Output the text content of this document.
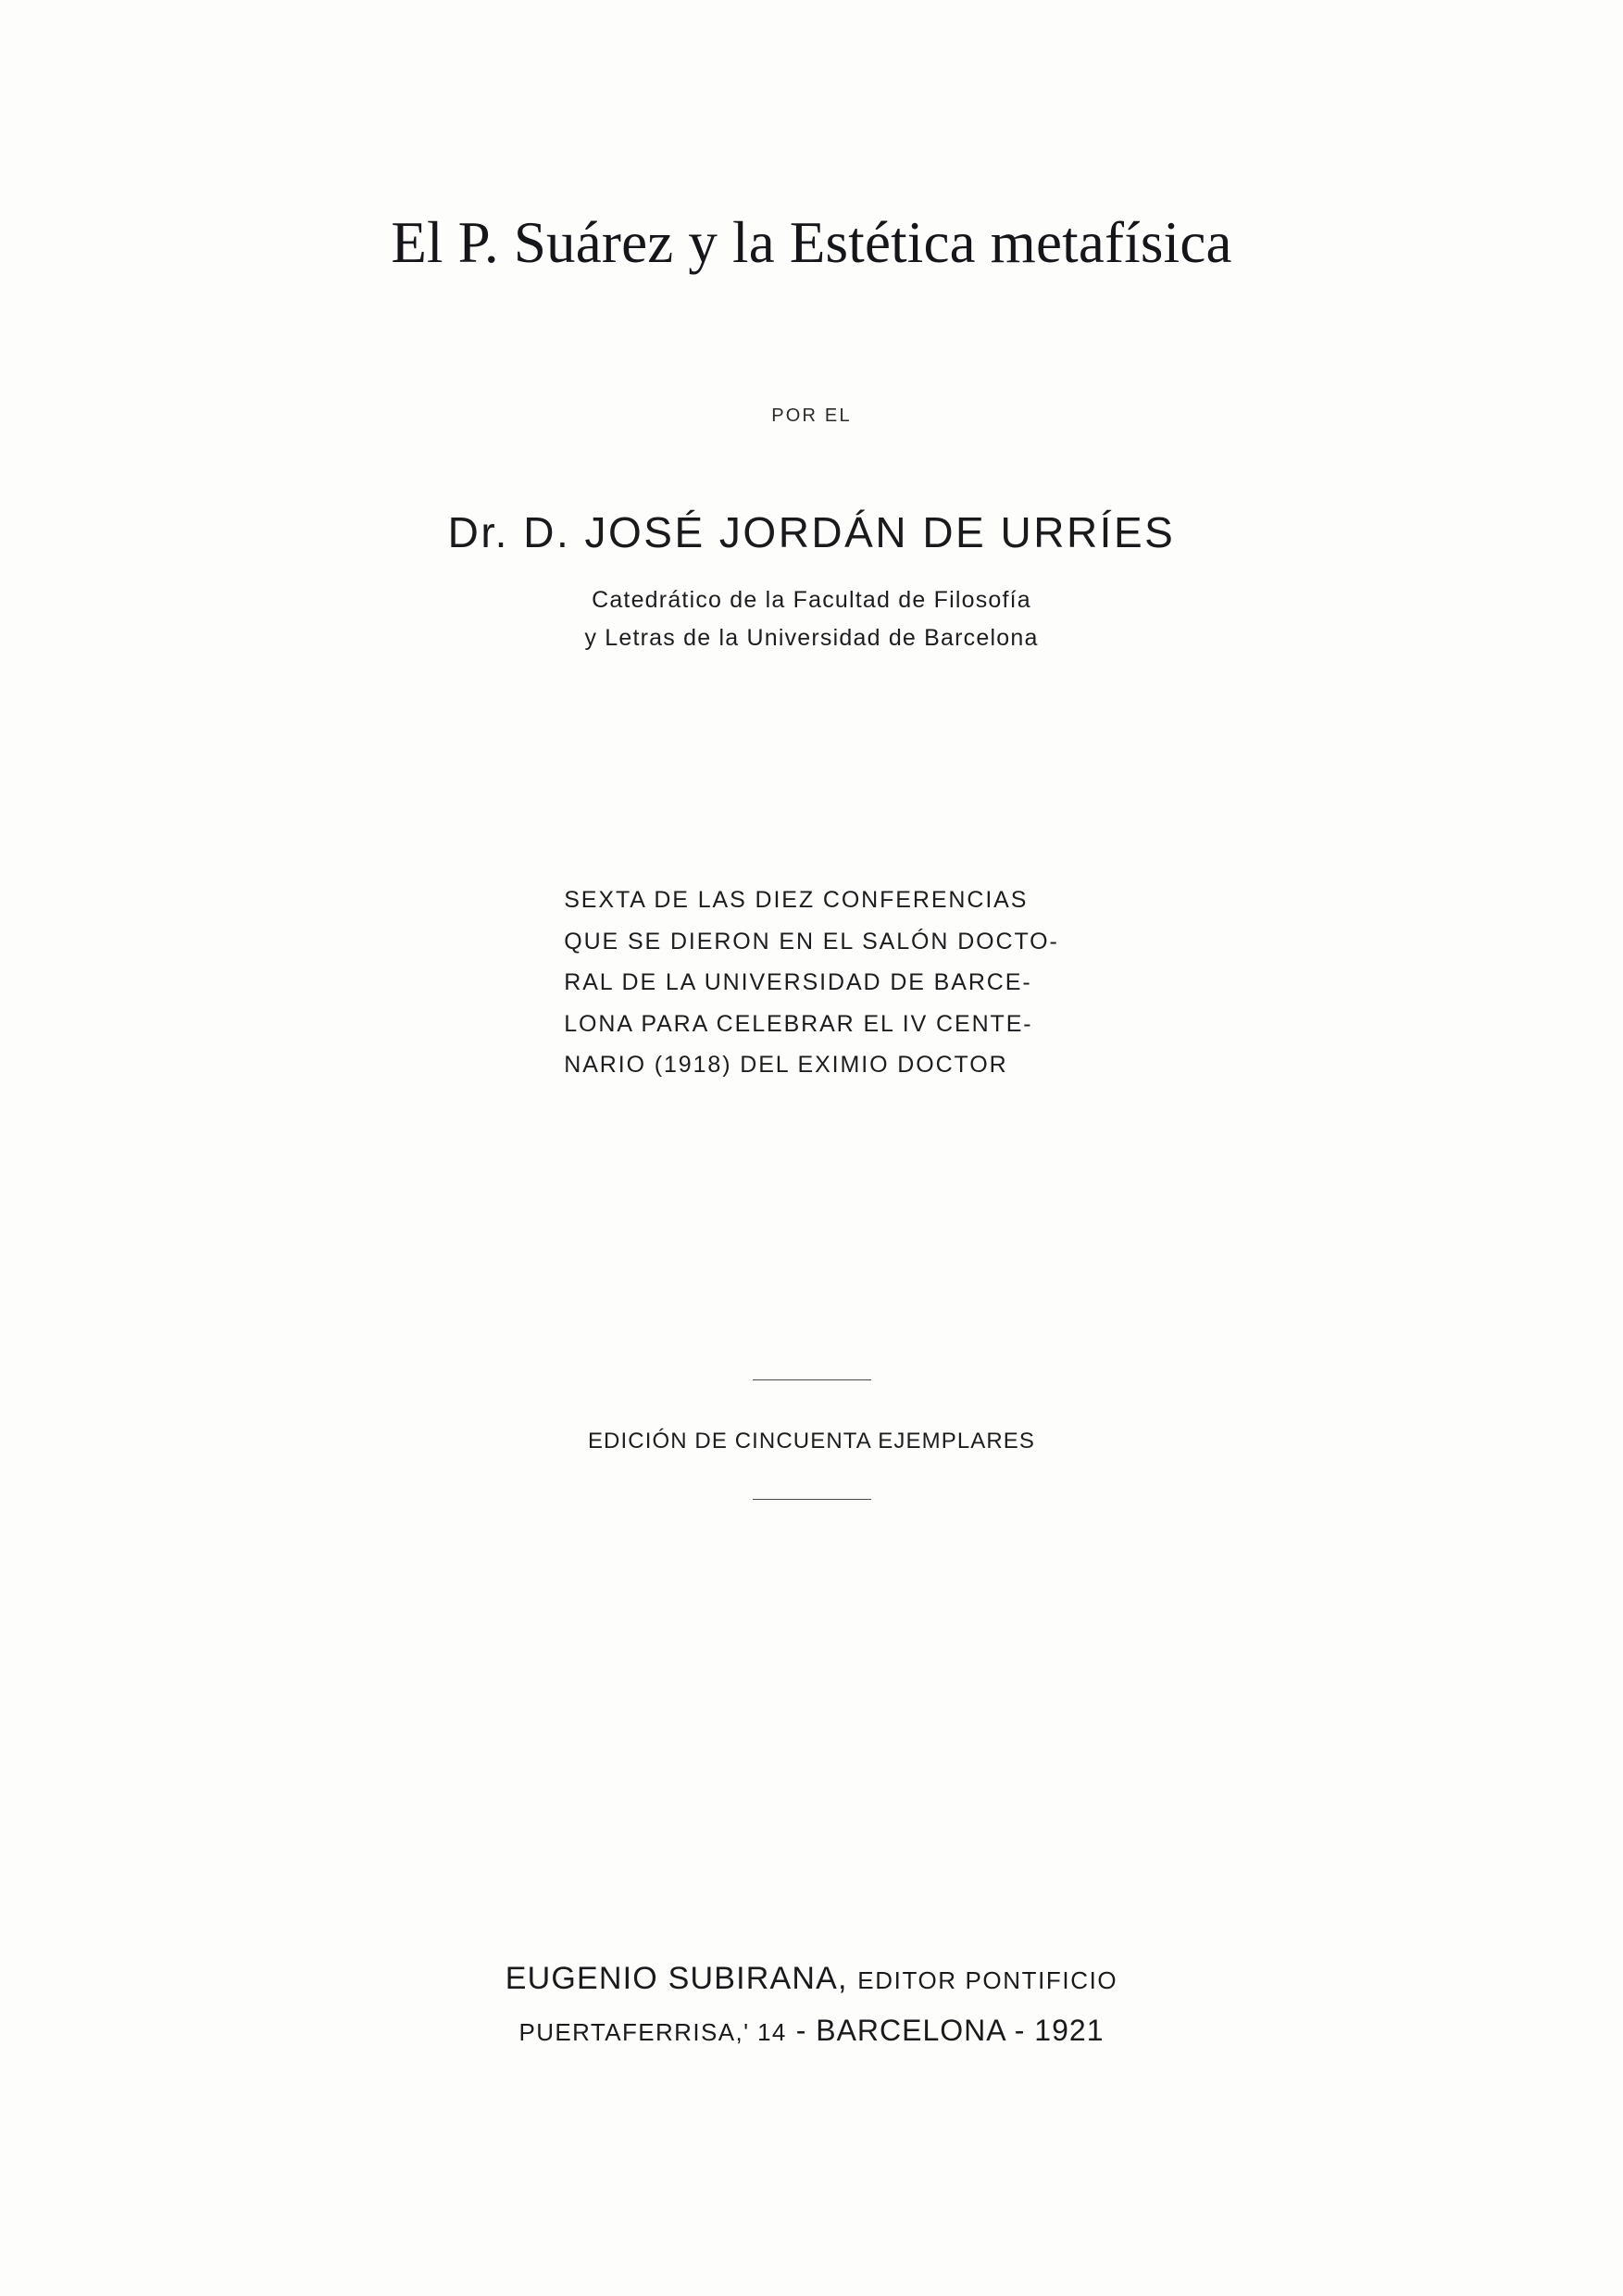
El P. Suárez y la Estética metafísica
POR EL
Dr. D. JOSÉ JORDÁN DE URRÍES
Catedrático de la Facultad de Filosofía
y Letras de la Universidad de Barcelona
SEXTA DE LAS DIEZ CONFERENCIAS
QUE SE DIERON EN EL SALÓN DOCTO-
RAL DE LA UNIVERSIDAD DE BARCE-
LONA PARA CELEBRAR EL IV CENTE-
NARIO (1918) DEL EXIMIO DOCTOR
EDICIÓN DE CINCUENTA EJEMPLARES
EUGENIO SUBIRANA, EDITOR PONTIFICIO
PUERTAFERRISA,' 14 - BARCELONA - 1921
